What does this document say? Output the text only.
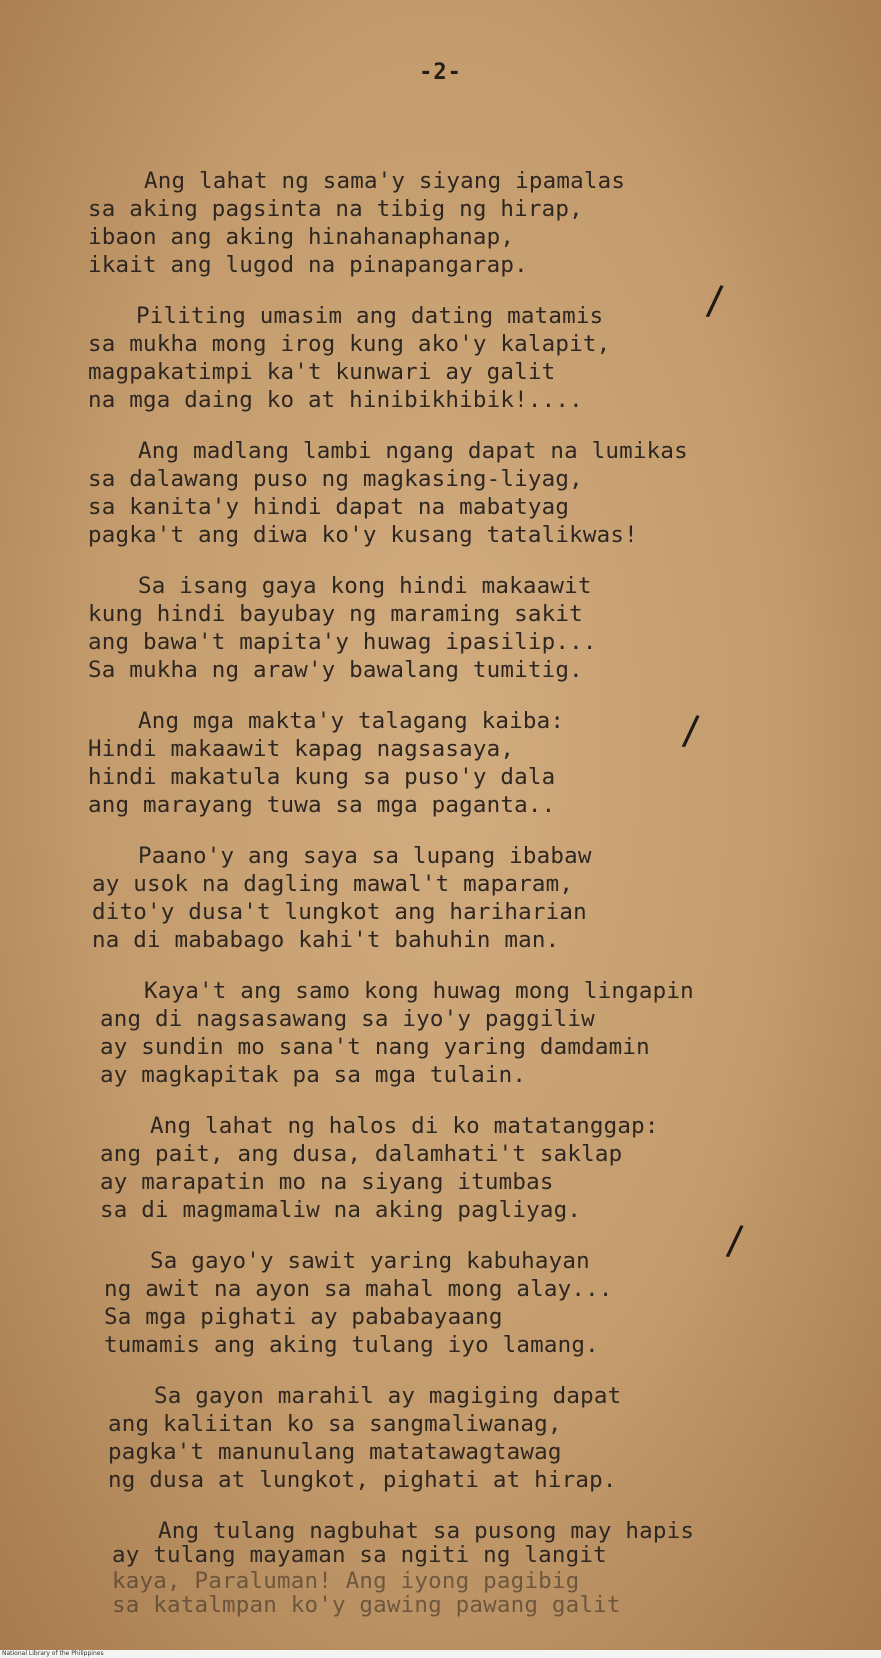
-2-
Ang lahat ng sama'y siyang ipamalas
sa aking pagsinta na tibig ng hirap,
ibaon ang aking hinahanaphanap,
ikait ang lugod na pinapangarap.
Piliting umasim ang dating matamis
sa mukha mong irog kung ako'y kalapit,
magpakatimpi ka't kunwari ay galit
na mga daing ko at hinibikhibik!....
Ang madlang lambi ngang dapat na lumikas
sa dalawang puso ng magkasing-liyag,
sa kanita'y hindi dapat na mabatyag
pagka't ang diwa ko'y kusang tatalikwas!
Sa isang gaya kong hindi makaawit
kung hindi bayubay ng maraming sakit
ang bawa't mapita'y huwag ipasilip...
Sa mukha ng araw'y bawalang tumitig.
Ang mga makta'y talagang kaiba:
Hindi makaawit kapag nagsasaya,
hindi makatula kung sa puso'y dala
ang marayang tuwa sa mga paganta..
Paano'y ang saya sa lupang ibabaw
ay usok na dagling mawal't maparam,
dito'y dusa't lungkot ang hariharian
na di mababago kahi't bahuhin man.
Kaya't ang samo kong huwag mong lingapin
ang di nagsasawang sa iyo'y paggiliw
ay sundin mo sana't nang yaring damdamin
ay magkapitak pa sa mga tulain.
Ang lahat ng halos di ko matatanggap:
ang pait, ang dusa, dalamhati't saklap
ay marapatin mo na siyang itumbas
sa di magmamaliw na aking pagliyag.
Sa gayo'y sawit yaring kabuhayan
ng awit na ayon sa mahal mong alay...
Sa mga pighati ay pababayaang
tumamis ang aking tulang iyo lamang.
Sa gayon marahil ay magiging dapat
ang kaliitan ko sa sangmaliwanag,
pagka't manunulang matatawagtawag
ng dusa at lungkot, pighati at hirap.
Ang tulang nagbuhat sa pusong may hapis
ay tulang mayaman sa ngiti ng langit
kaya, Paraluman! Ang iyong pagibig
sa katalmpan ko'y gawing pawang galit
/
/
/
National Library of the Philippines
